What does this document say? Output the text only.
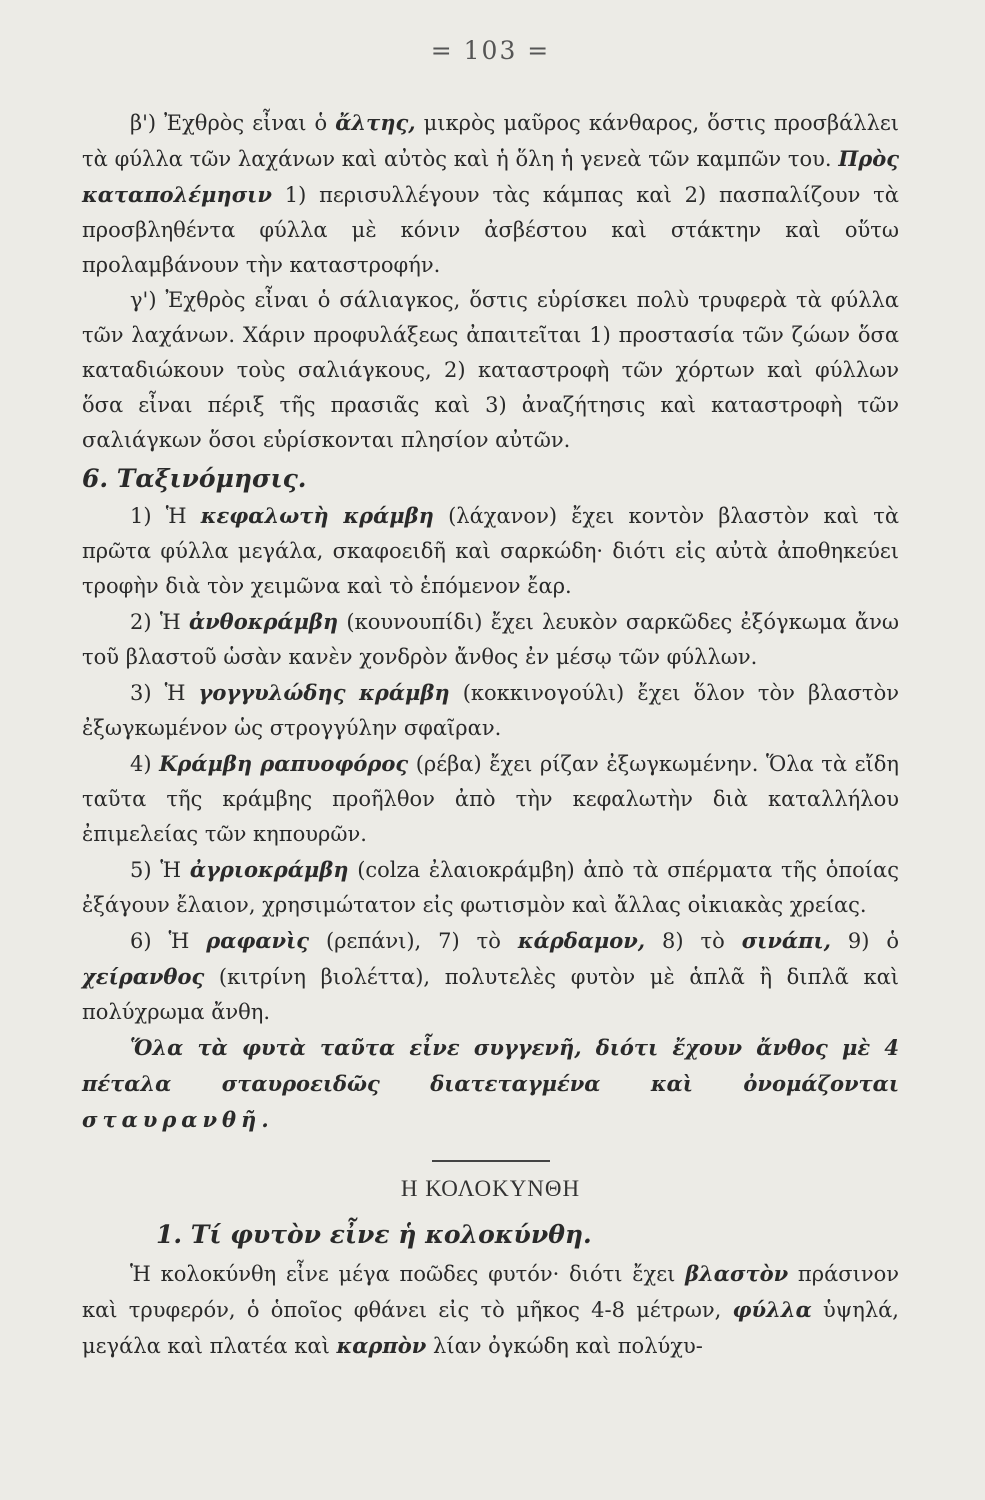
= 103 =

β') Ἐχθρὸς εἶναι ὁ ἄλτης, μικρὸς μαῦρος κάνθαρος, ὅστις προσβάλλει τὰ φύλλα τῶν λαχάνων καὶ αὐτὸς καὶ ἡ ὅλη ἡ γενεὰ τῶν καμπῶν του. Πρὸς καταπολέμησιν 1) περισυλλέγουν τὰς κάμπας καὶ 2) πασπαλίζουν τὰ προσβληθέντα φύλλα μὲ κόνιν ἀσβέστου καὶ στάκτην καὶ οὕτω προλαμβάνουν τὴν καταστροφήν.

γ') Ἐχθρὸς εἶναι ὁ σάλιαγκος, ὅστις εὑρίσκει πολὺ τρυφερὰ τὰ φύλλα τῶν λαχάνων. Χάριν προφυλάξεως ἀπαιτεῖται 1) προστασία τῶν ζώων ὅσα καταδιώκουν τοὺς σαλιάγκους, 2) καταστροφὴ τῶν χόρτων καὶ φύλλων ὅσα εἶναι πέριξ τῆς πρασιᾶς καὶ 3) ἀναζήτησις καὶ καταστροφὴ τῶν σαλιάγκων ὅσοι εὑρίσκονται πλησίον αὐτῶν.

6. Ταξινόμησις.

1) Ἡ κεφαλωτὴ κράμβη (λάχανον) ἔχει κοντὸν βλαστὸν καὶ τὰ πρῶτα φύλλα μεγάλα, σκαφοειδῆ καὶ σαρκώδη· διότι εἰς αὐτὰ ἀποθηκεύει τροφὴν διὰ τὸν χειμῶνα καὶ τὸ ἑπόμενον ἔαρ.

2) Ἡ ἀνθοκράμβη (κουνουπίδι) ἔχει λευκὸν σαρκῶδες ἐξόγκωμα ἄνω τοῦ βλαστοῦ ὡσὰν κανὲν χονδρὸν ἄνθος ἐν μέσῳ τῶν φύλλων.

3) Ἡ γογγυλώδης κράμβη (κοκκινογούλι) ἔχει ὅλον τὸν βλαστὸν ἐξωγκωμένον ὡς στρογγύλην σφαῖραν.

4) Κράμβη ραπυοφόρος (ρέβα) ἔχει ρίζαν ἐξωγκωμένην. Ὅλα τὰ εἴδη ταῦτα τῆς κράμβης προῆλθον ἀπὸ τὴν κεφαλωτὴν διὰ καταλλήλου ἐπιμελείας τῶν κηπουρῶν.

5) Ἡ ἀγριοκράμβη (colza ἐλαιοκράμβη) ἀπὸ τὰ σπέρματα τῆς ὁποίας ἐξάγουν ἔλαιον, χρησιμώτατον εἰς φωτισμὸν καὶ ἄλλας οἰκιακὰς χρείας.

6) Ἡ ραφανὶς (ρεπάνι), 7) τὸ κάρδαμον, 8) τὸ σινάπι, 9) ὁ χείρανθος (κιτρίνη βιολέττα), πολυτελὲς φυτὸν μὲ ἁπλᾶ ἢ διπλᾶ καὶ πολύχρωμα ἄνθη.

Ὅλα τὰ φυτὰ ταῦτα εἶνε συγγενῆ, διότι ἔχουν ἄνθος μὲ 4 πέταλα σταυροειδῶς διατεταγμένα καὶ ὀνομάζονται σταυρανθῆ.

Η ΚΟΛΟΚΥΝΘΗ
1. Τί φυτὸν εἶνε ἡ κολοκύνθη.

Ἡ κολοκύνθη εἶνε μέγα ποῶδες φυτόν· διότι ἔχει βλαστὸν πράσινον καὶ τρυφερόν, ὁ ὁποῖος φθάνει εἰς τὸ μῆκος 4-8 μέτρων, φύλλα ὑψηλά, μεγάλα καὶ πλατέα καὶ καρπὸν λίαν ὀγκώδη καὶ πολύχυ-
